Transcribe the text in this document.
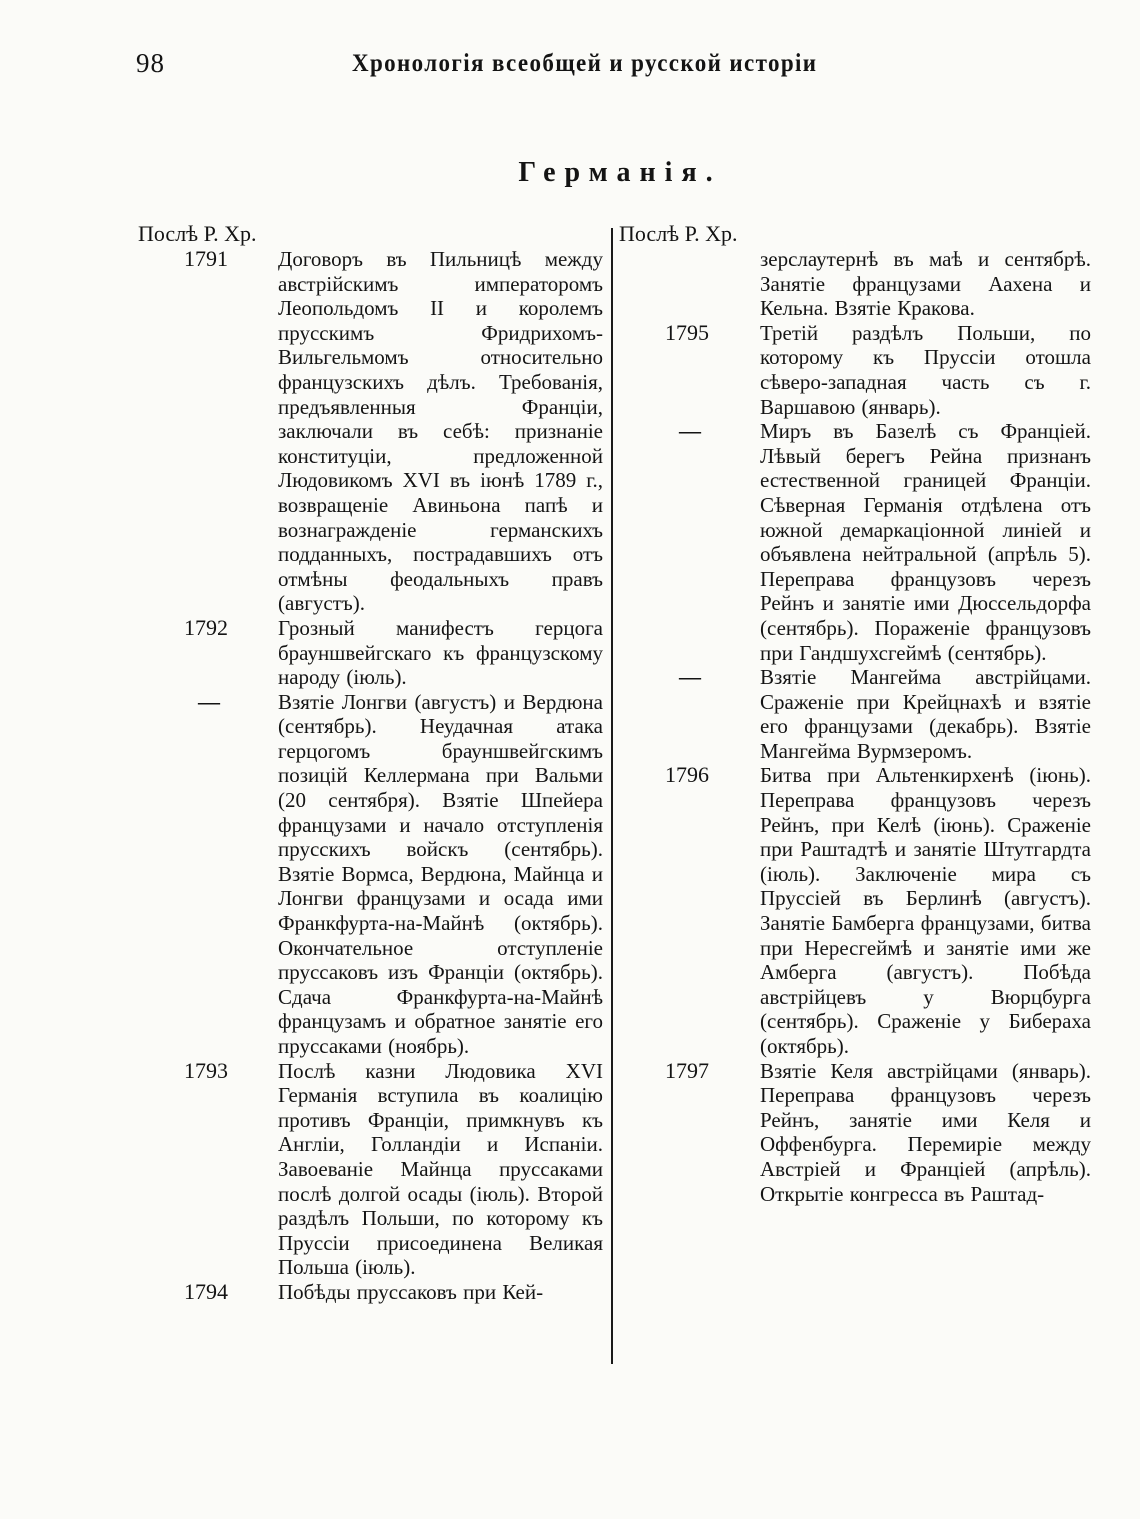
98	Хронологія всеобщей и русской исторіи
Германія.
Послѣ Р. Хр.
1791	Договоръ въ Пильницѣ между австрійскимъ императоромъ Леопольдомъ II и королемъ прусскимъ Фридрихомъ-Вильгельмомъ относительно французскихъ дѣлъ. Требованія, предъявленныя Франціи, заключали въ себѣ: признаніе конституціи, предложенной Людовикомъ XVI въ іюнѣ 1789 г., возвращеніе Авиньона папѣ и вознагражденіе германскихъ подданныхъ, пострадавшихъ отъ отмѣны феодальныхъ правъ (августъ).
1792	Грозный манифестъ герцога брауншвейгскаго къ французскому народу (іюль).
—	Взятіе Лонгви (августъ) и Вердюна (сентябрь). Неудачная атака герцогомъ брауншвейгскимъ позицій Келлермана при Вальми (20 сентября). Взятіе Шпейера французами и начало отступленія прусскихъ войскъ (сентябрь). Взятіе Вормса, Вердюна, Майнца и Лонгви французами и осада ими Франкфурта-на-Майнѣ (октябрь). Окончательное отступленіе пруссаковъ изъ Франціи (октябрь). Сдача Франкфурта-на-Майнѣ французамъ и обратное занятіе его пруссаками (ноябрь).
1793	Послѣ казни Людовика XVI Германія вступила въ коалицію противъ Франціи, примкнувъ къ Англіи, Голландіи и Испаніи. Завоеваніе Майнца пруссаками послѣ долгой осады (іюль). Второй раздѣлъ Польши, по которому къ Пруссіи присоединена Великая Польша (іюль).
1794	Побѣды пруссаковъ при Кей-
Послѣ Р. Хр.
зерслаутернѣ въ маѣ и сентябрѣ. Занятіе французами Аахена и Кельна. Взятіе Кракова.
1795	Третій раздѣлъ Польши, по которому къ Пруссіи отошла сѣверо-западная часть съ г. Варшавою (январь).
—	Миръ въ Базелѣ съ Франціей. Лѣвый берегъ Рейна признанъ естественной границей Франціи. Сѣверная Германія отдѣлена отъ южной демаркаціонной линіей и объявлена нейтральной (апрѣль 5). Переправа французовъ черезъ Рейнъ и занятіе ими Дюссельдорфа (сентябрь). Пораженіе французовъ при Гандшухсгеймѣ (сентябрь).
—	Взятіе Мангейма австрійцами. Сраженіе при Крейцнахѣ и взятіе его французами (декабрь). Взятіе Мангейма Вурмзеромъ.
1796	Битва при Альтенкирхенѣ (іюнь). Переправа французовъ черезъ Рейнъ, при Келѣ (іюнь). Сраженіе при Раштадтѣ и занятіе Штутгардта (іюль). Заключеніе мира съ Пруссіей въ Берлинѣ (августъ). Занятіе Бамберга французами, битва при Нересгеймѣ и занятіе ими же Амберга (августъ). Побѣда австрійцевъ у Вюрцбурга (сентябрь). Сраженіе у Биберaха (октябрь).
1797	Взятіе Келя австрійцами (январь). Переправа французовъ черезъ Рейнъ, занятіе ими Келя и Оффенбурга. Перемиріе между Австріей и Франціей (апрѣль). Открытіе конгресса въ Раштад-
